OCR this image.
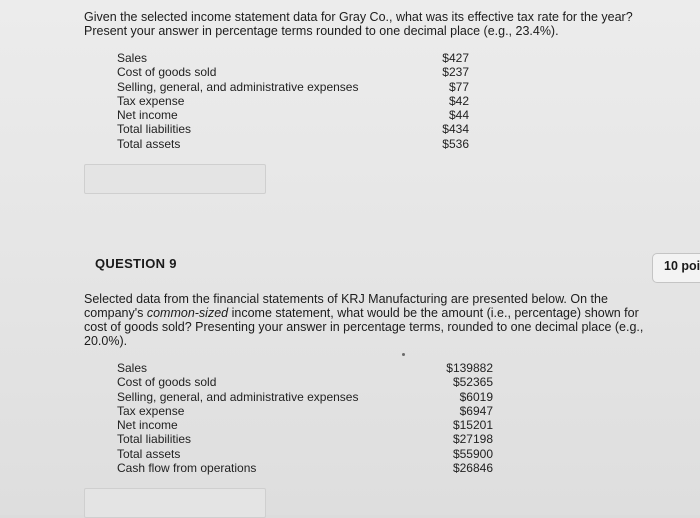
Given the selected income statement data for Gray Co., what was its effective tax rate for the year?
Present your answer in percentage terms rounded to one decimal place (e.g., 23.4%).
Sales	$427
Cost of goods sold	$237
Selling, general, and administrative expenses	$77
Tax expense	$42
Net income	$44
Total liabilities	$434
Total assets	$536
QUESTION 9	10 poi
Selected data from the financial statements of KRJ Manufacturing are presented below. On the
company's common-sized income statement, what would be the amount (i.e., percentage) shown for
cost of goods sold? Presenting your answer in percentage terms, rounded to one decimal place (e.g.,
20.0%).
Sales	$139882
Cost of goods sold	$52365
Selling, general, and administrative expenses	$6019
Tax expense	$6947
Net income	$15201
Total liabilities	$27198
Total assets	$55900
Cash flow from operations	$26846
